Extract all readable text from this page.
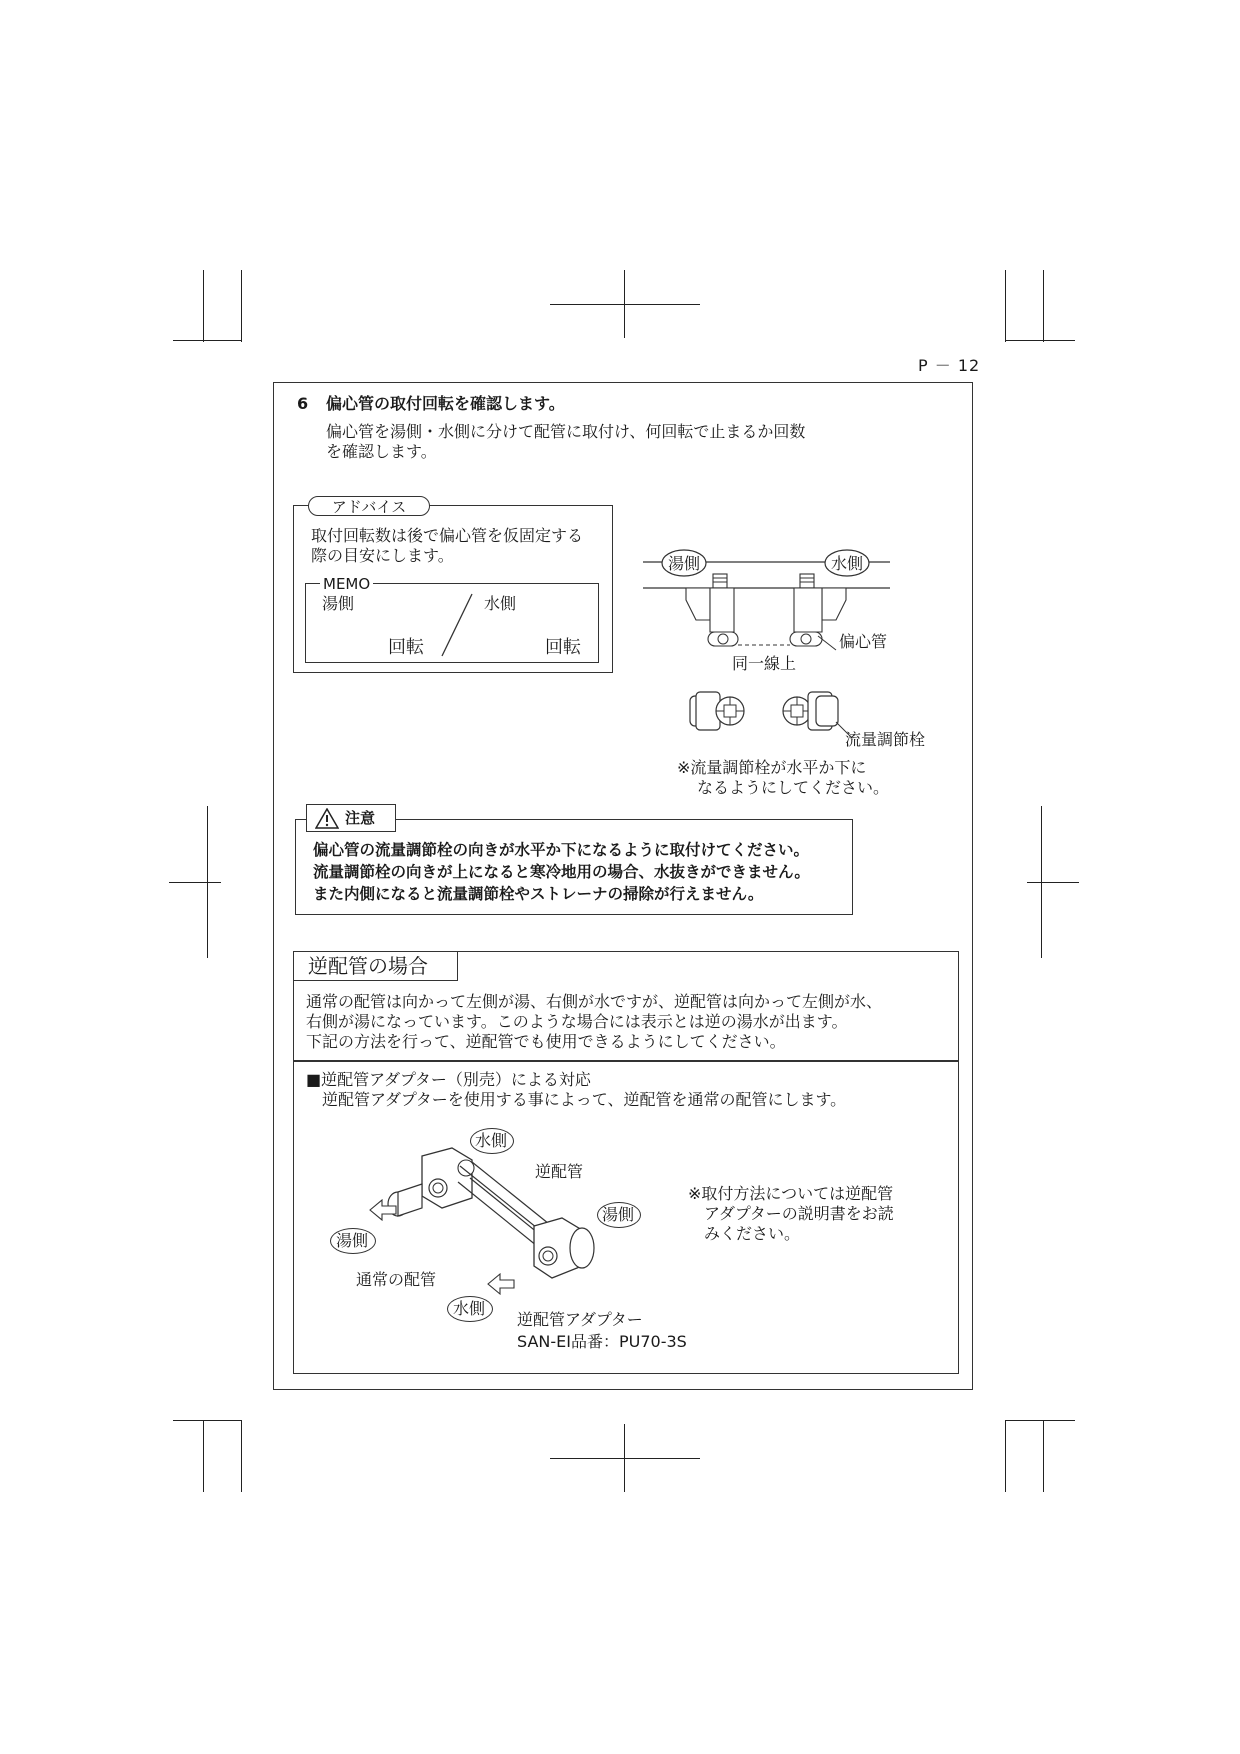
P － 12
6 偏心管の取付回転を確認します。
偏心管を湯側・水側に分けて配管に取付け、何回転で止まるか回数
を確認します。
アドバイス
取付回転数は後で偏心管を仮固定する
際の目安にします。
MEMO
湯側	水側
回転	回転
湯側	水側
偏心管
同一線上
流量調節栓
※流量調節栓が水平か下に
なるようにしてください。
注意
偏心管の流量調節栓の向きが水平か下になるように取付けてください。
流量調節栓の向きが上になると寒冷地用の場合、水抜きができません。
また内側になると流量調節栓やストレーナの掃除が行えません。
逆配管の場合
通常の配管は向かって左側が湯、右側が水ですが、逆配管は向かって左側が水、
右側が湯になっています。このような場合には表示とは逆の湯水が出ます。
下記の方法を行って、逆配管でも使用できるようにしてください。
■逆配管アダプター（別売）による対応
逆配管アダプターを使用する事によって、逆配管を通常の配管にします。
水側
逆配管
湯側
湯側
通常の配管
水側
逆配管アダプター
SAN-EI品番：PU70-3S
※取付方法については逆配管
アダプターの説明書をお読
みください。
